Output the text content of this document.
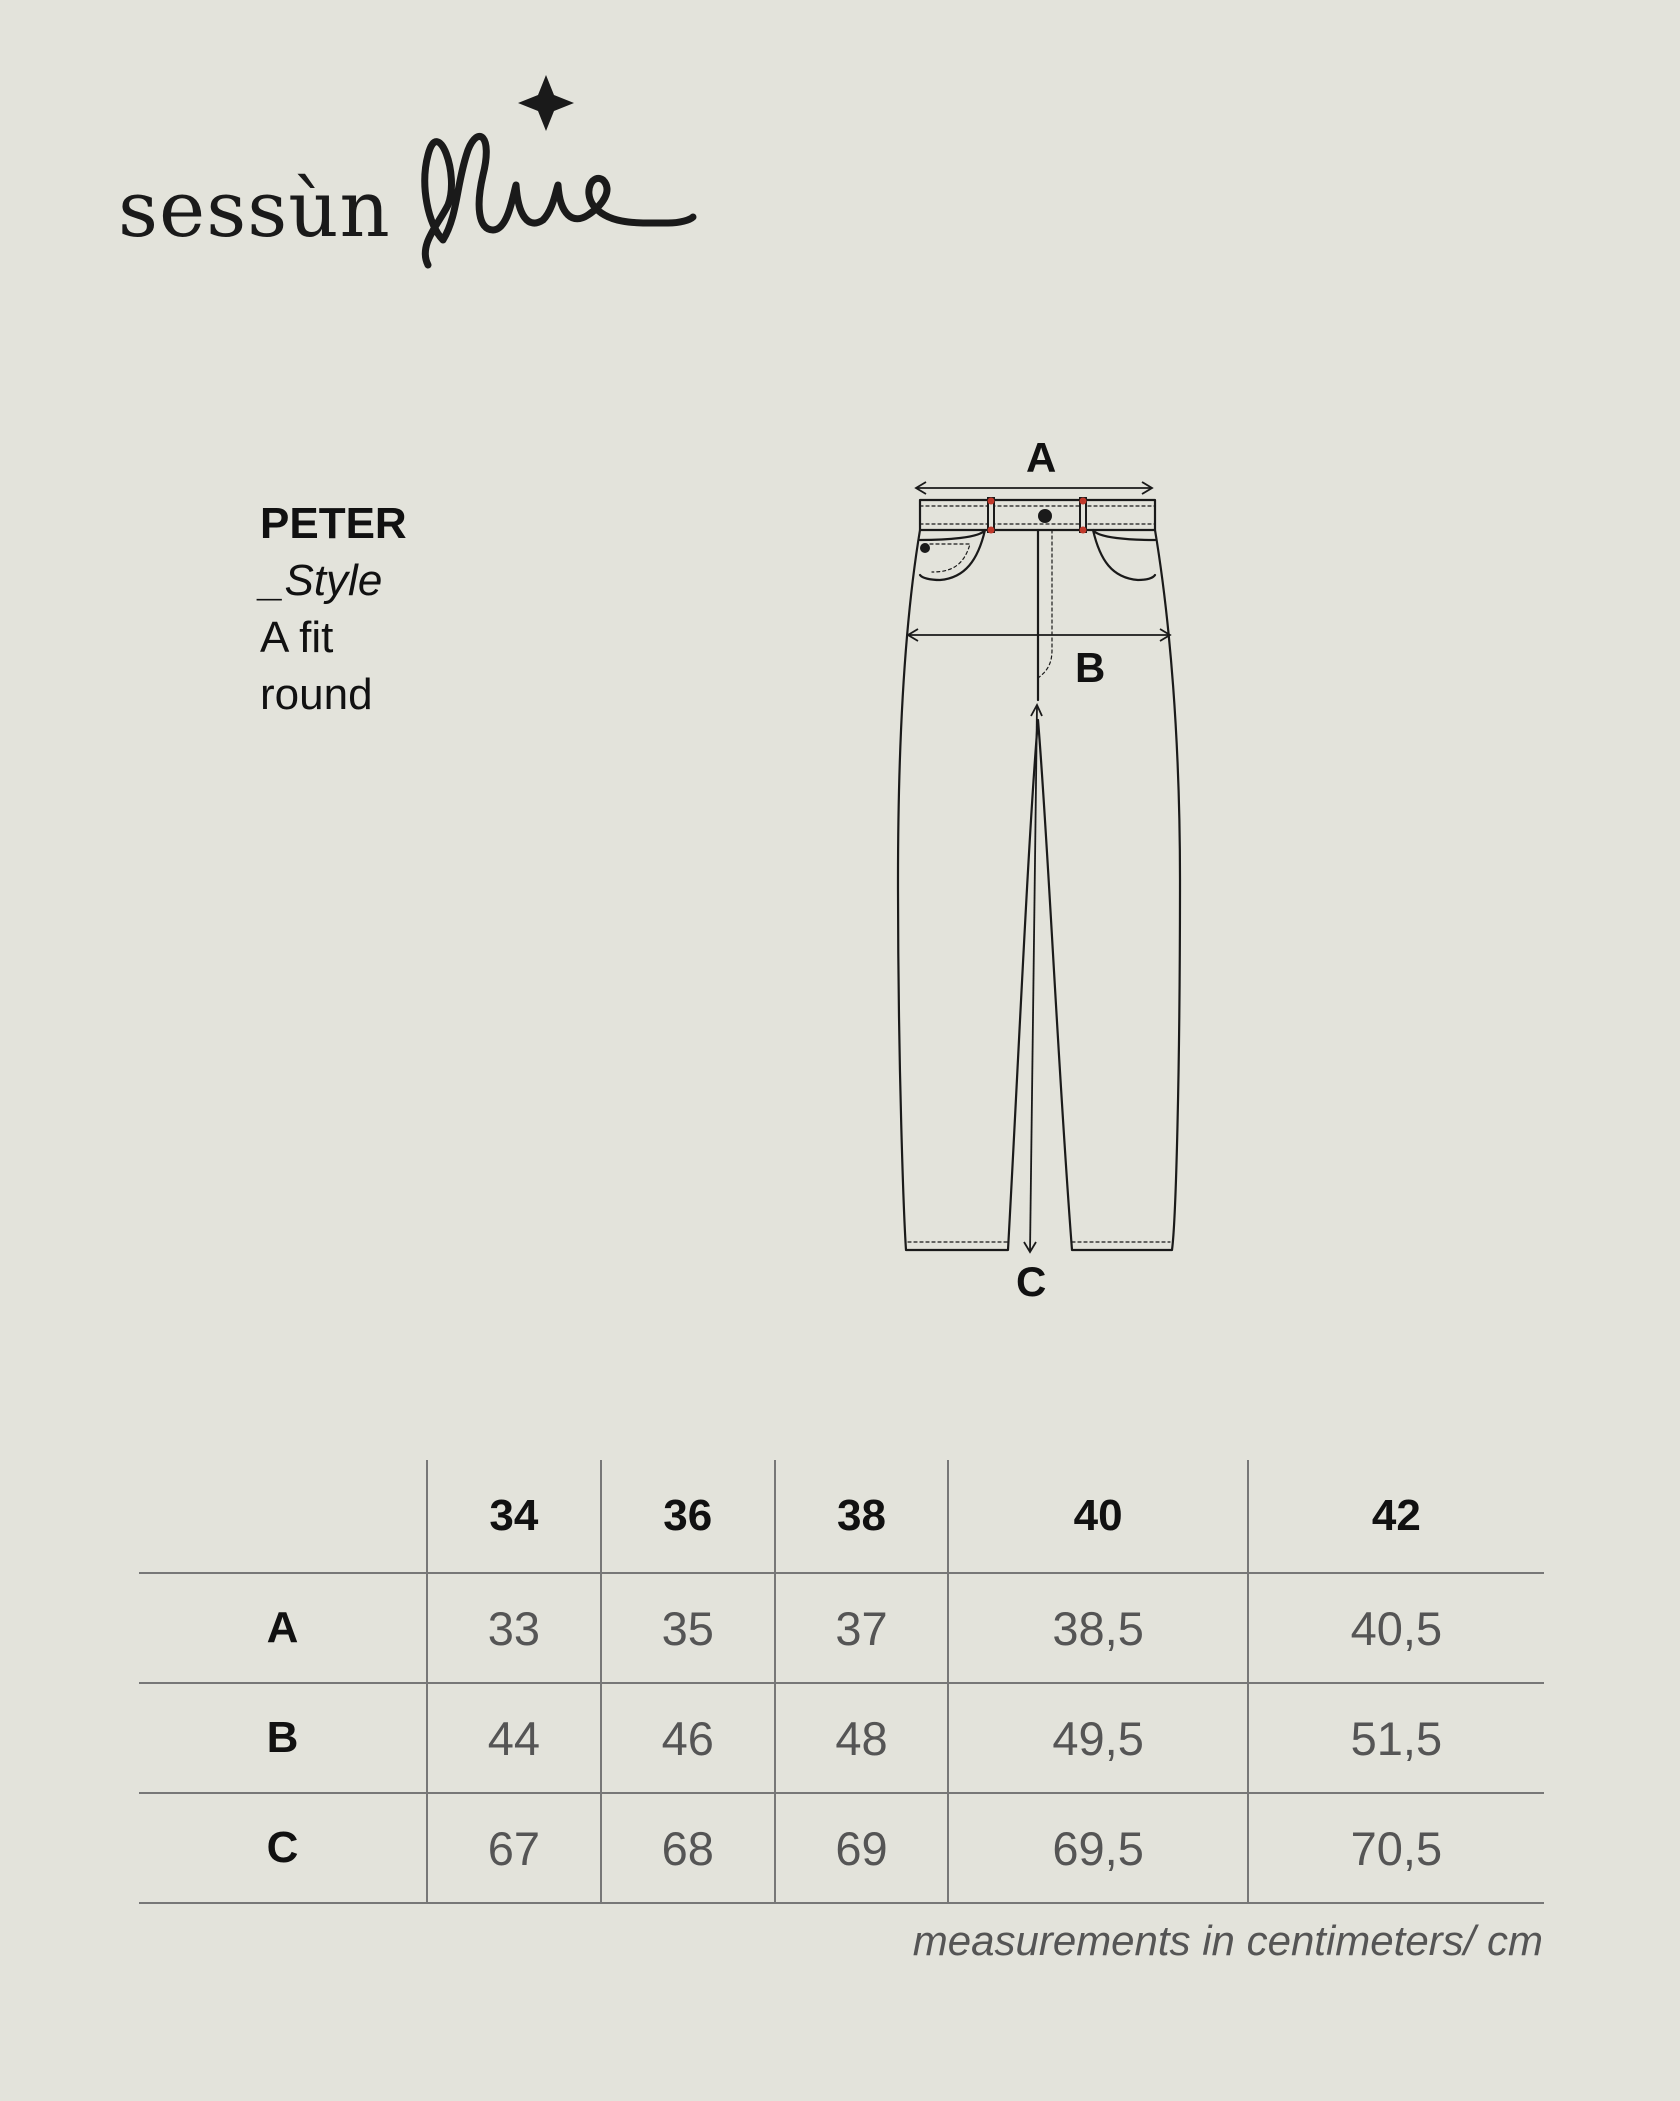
sessùn
PETER
_Style
A fit
round
A
B
C
	34	36	38	40	42
A	33	35	37	38,5	40,5
B	44	46	48	49,5	51,5
C	67	68	69	69,5	70,5
measurements in centimeters/ cm
